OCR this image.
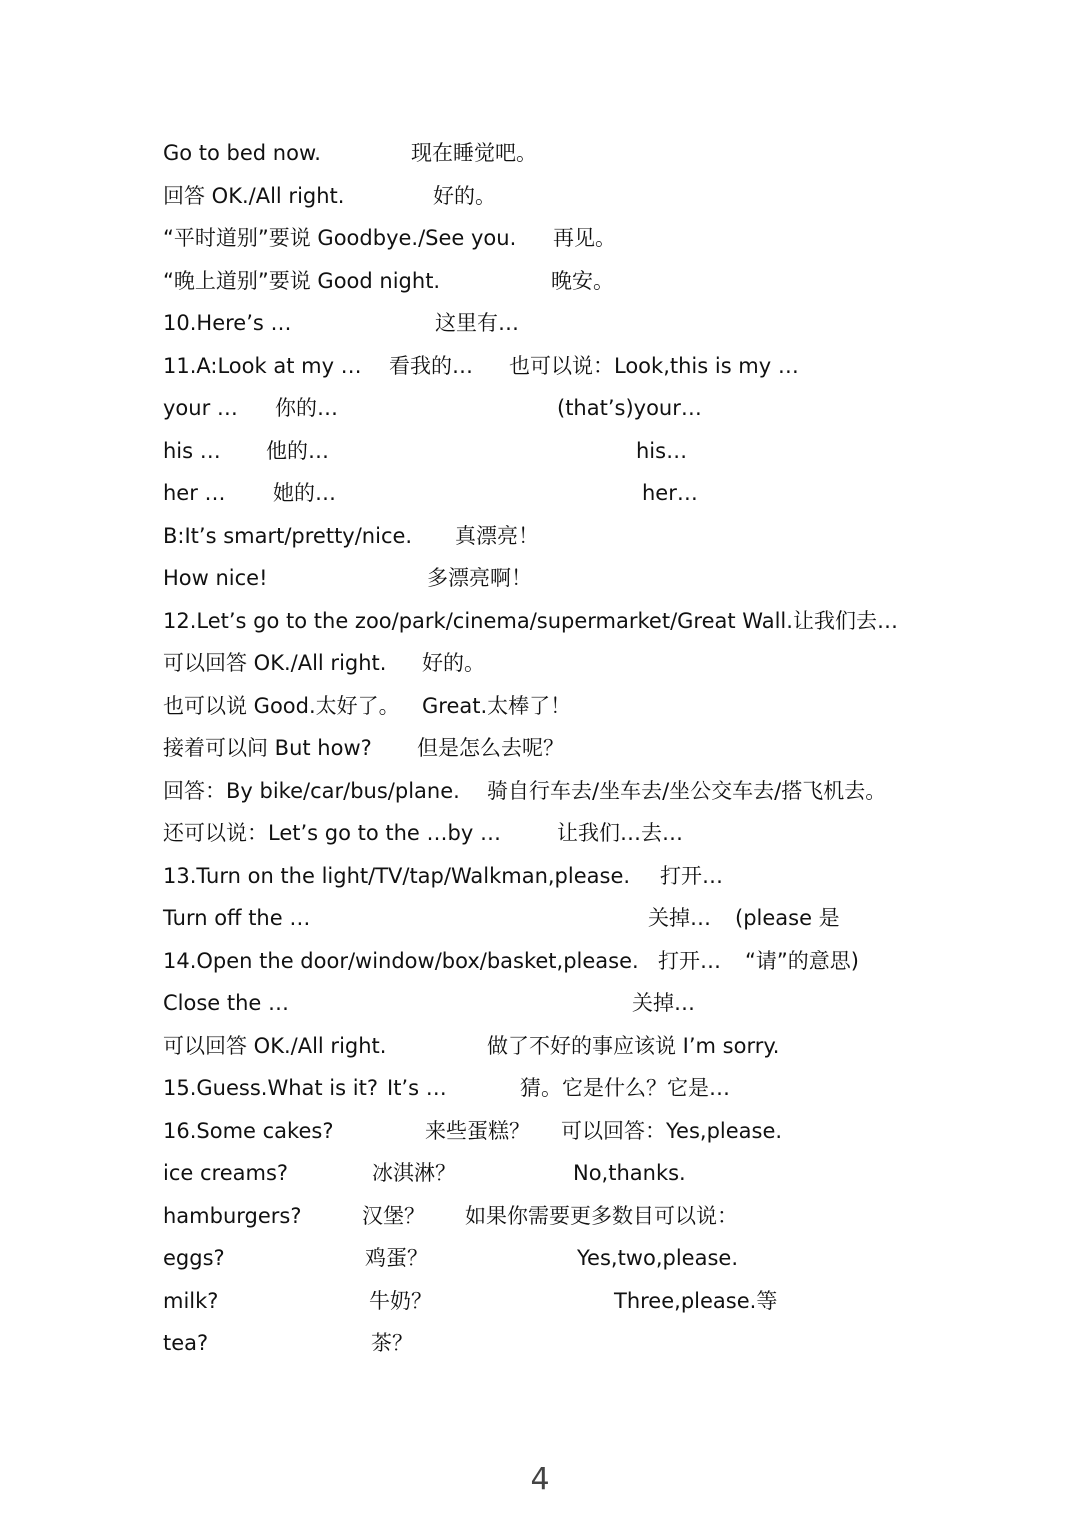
Go to bed now.	现在睡觉吧。
回答 OK./All right.	好的。
“平时道别”要说 Goodbye./See you. 再见。
“晚上道别”要说 Good night.	晚安。
10.Here’s …	这里有…
11.A:Look at my … 看我的… 也可以说：Look,this is my …
your … 你的…	(that’s)your…
his … 他的…	his…
her … 她的…	her…
B:It’s smart/pretty/nice. 真漂亮！
How nice!	多漂亮啊！
12.Let’s go to the zoo/park/cinema/supermarket/Great Wall.让我们去…
可以回答 OK./All right. 好的。
也可以说 Good.太好了。 Great.太棒了！
接着可以问 But how? 但是怎么去呢？
回答：By bike/car/bus/plane. 骑自行车去/坐车去/坐公交车去/搭飞机去。
还可以说：Let’s go to the …by …	让我们…去…
13.Turn on the light/TV/tap/Walkman,please. 打开…
Turn off the …	关掉… (please 是
14.Open the door/window/box/basket,please. 打开… “请”的意思)
Close the …	关掉…
可以回答 OK./All right.	做了不好的事应该说 I’m sorry.
15.Guess.What is it? It’s …	猜。它是什么？它是…
16.Some cakes?	来些蛋糕？ 可以回答：Yes,please.
ice creams?	冰淇淋？	No,thanks.
hamburgers?	汉堡？ 如果你需要更多数目可以说：
eggs?	鸡蛋？	Yes,two,please.
milk?	牛奶？	Three,please.等
tea?	茶？
4
